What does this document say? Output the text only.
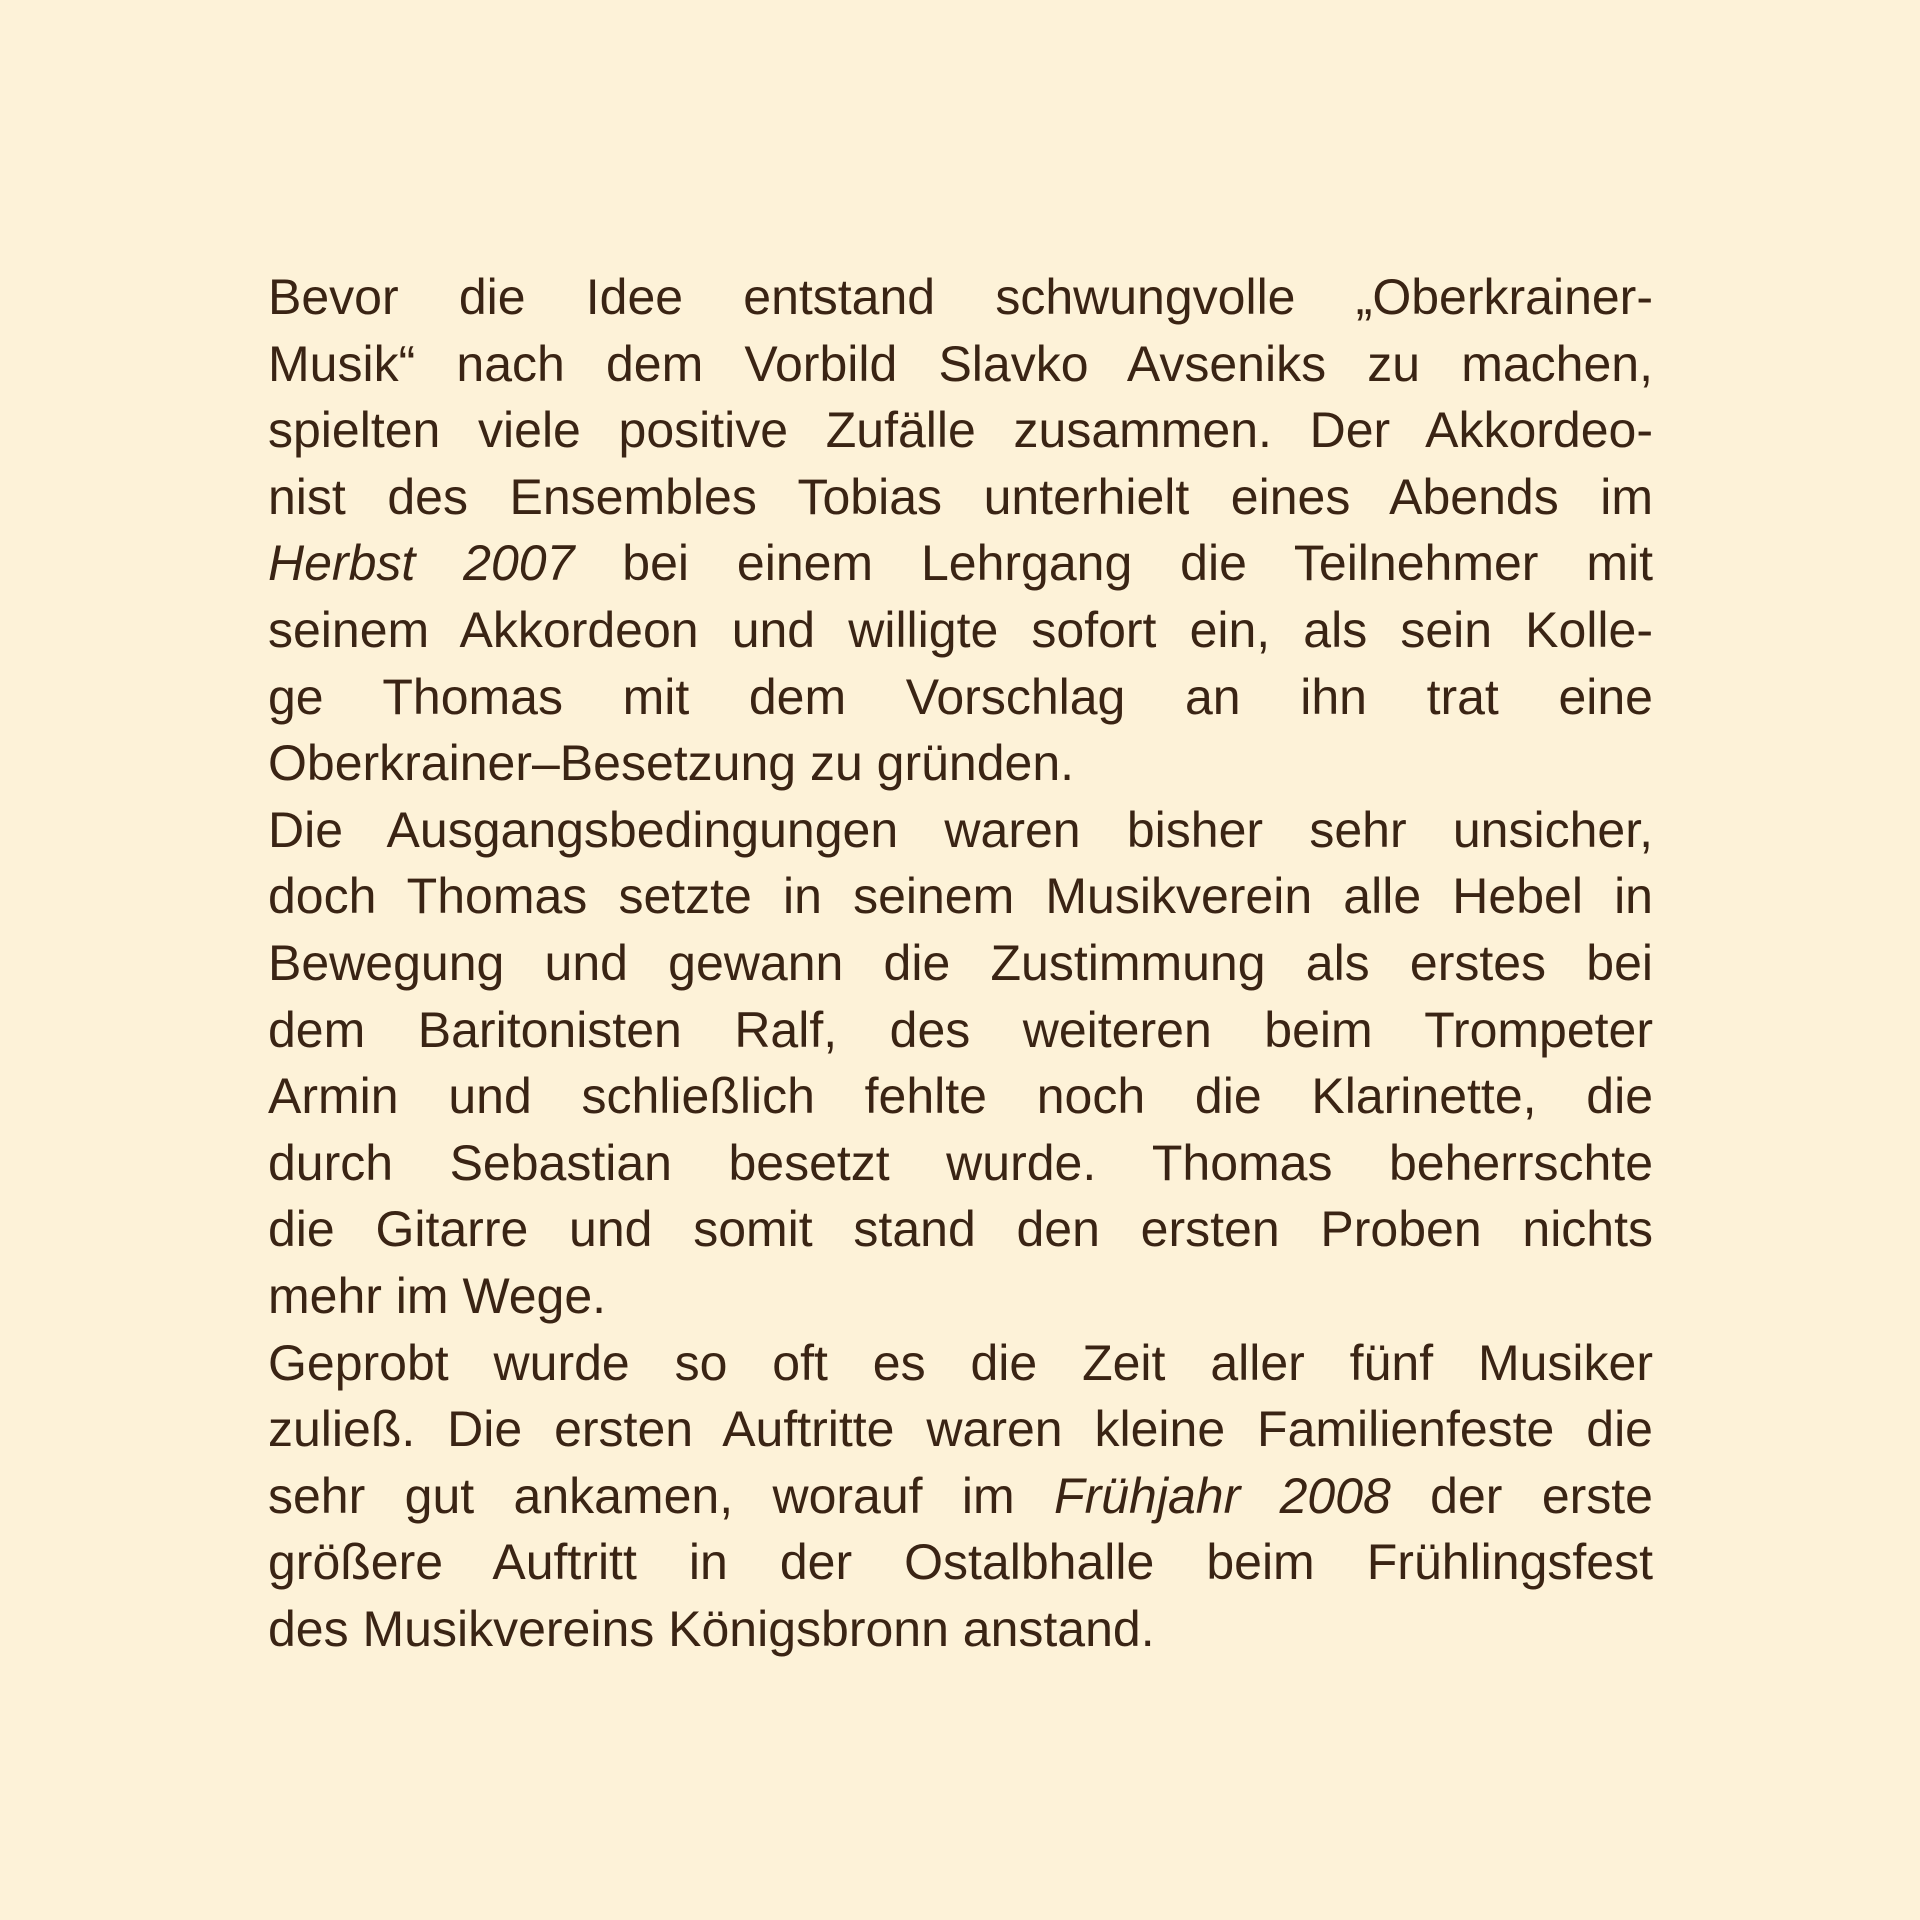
Bevor die Idee entstand schwungvolle „Oberkrainer-
Musik“ nach dem Vorbild Slavko Avseniks zu machen,
spielten viele positive Zufälle zusammen. Der Akkordeo-
nist des Ensembles Tobias unterhielt eines Abends im
Herbst 2007 bei einem Lehrgang die Teilnehmer mit
seinem Akkordeon und willigte sofort ein, als sein Kolle-
ge Thomas mit dem Vorschlag an ihn trat eine
Oberkrainer–Besetzung zu gründen.
Die Ausgangsbedingungen waren bisher sehr unsicher,
doch Thomas setzte in seinem Musikverein alle Hebel in
Bewegung und gewann die Zustimmung als erstes bei
dem Baritonisten Ralf, des weiteren beim Trompeter
Armin und schließlich fehlte noch die Klarinette, die
durch Sebastian besetzt wurde. Thomas beherrschte
die Gitarre und somit stand den ersten Proben nichts
mehr im Wege.
Geprobt wurde so oft es die Zeit aller fünf Musiker
zuließ. Die ersten Auftritte waren kleine Familienfeste die
sehr gut ankamen, worauf im Frühjahr 2008 der erste
größere Auftritt in der Ostalbhalle beim Frühlingsfest
des Musikvereins Königsbronn anstand.
